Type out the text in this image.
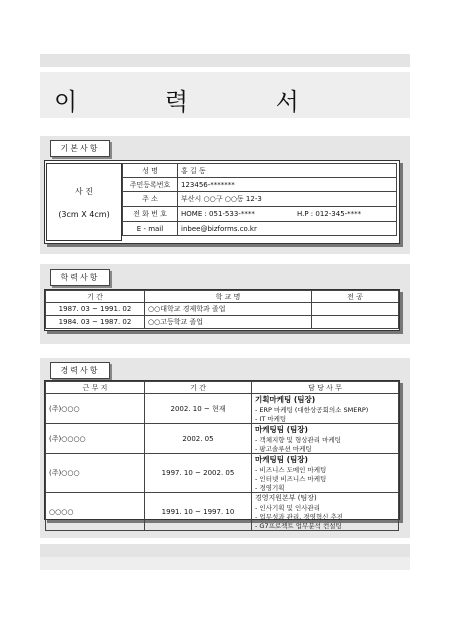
이 력 서
기본사항
사 진
(3cm X 4cm)
성 명	홍 길 동	
주민등록번호	123456-*******	
주 소	부산시 ○○구 ○○동 12-3	
전 화 번 호	HOME : 051-533-****	H.P : 012-345-****
E - mail	inbee@bizforms.co.kr	
학력사항
기 간	학 교 명	전 공
1987. 03 ~ 1991. 02	○○대학교 경제학과 졸업	
1984. 03 ~ 1987. 02	○○고등학교 졸업	
경력사항
근 무 지	기 간	담 당 사 무
(주)○○○	2002. 10 ~ 현재	기획마케팅 (팀장)
- ERP 마케팅 (대한상공회의소 SMERP)
- IT 마케팅

(주)○○○○	2002. 05	마케팅팀 (팀장)
- 객체지향 및 형상관리 마케팅
- 팡고솔루션 마케팅

(주)○○○	1997. 10 ~ 2002. 05	마케팅팀 (팀장)
- 비즈니스 도메인 마케팅
- 인터넷 비즈니스 마케팅
- 경영기획

○○○○	1991. 10 ~ 1997. 10	경영지원본부 (팀장)
- 인사기획 및 인사관리
- 업무성과 관리, 경영혁신 추진
- G7프로젝트 업무분석 컨설팅
